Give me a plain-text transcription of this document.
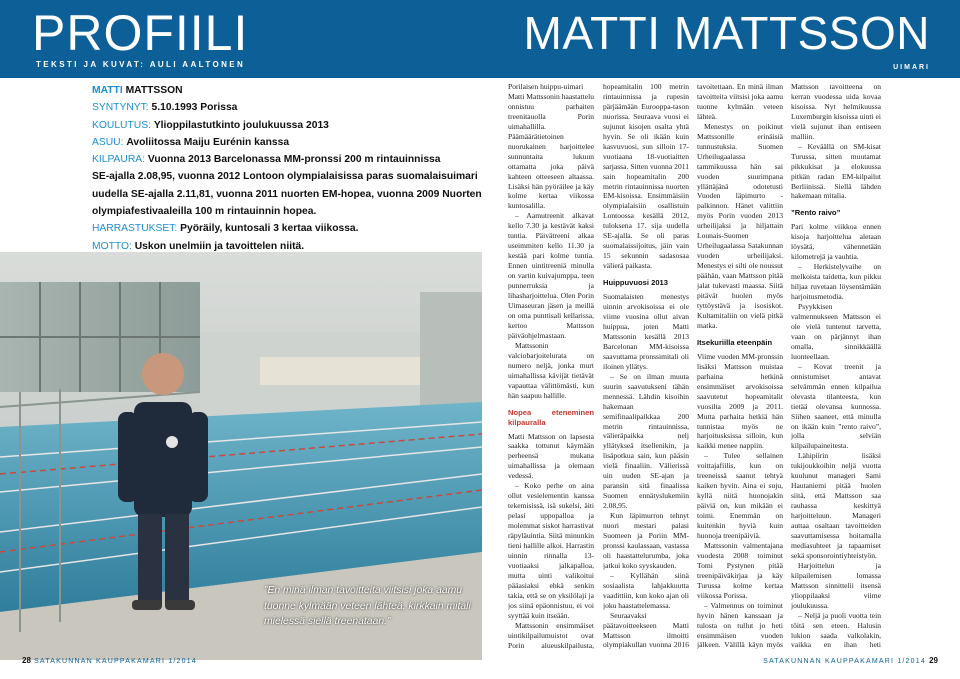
PROFIILI
TEKSTI JA KUVAT: AULI AALTONEN
MATTI MATTSSON
UIMARI

MATTI MATTSSON

SYNTYNYT: 5.10.1993 Porissa

KOULUTUS: Ylioppilastutkinto joulukuussa 2013

ASUU: Avoliitossa Maiju Eurénin kanssa

KILPAURA: Vuonna 2013 Barcelonassa MM-pronssi 200 m rintauinnissa

SE-ajalla 2.08,95, vuonna 2012 Lontoon olympialaisissa paras suomalaisuimari

uudella SE-ajalla 2.11,81, vuonna 2011 nuorten EM-hopea, vuonna 2009 Nuorten

olympiafestivaaleilla 100 m rintauinnin hopea.

HARRASTUKSET: Pyöräily, kuntosali 3 kertaa viikossa.

MOTTO: Uskon unelmiin ja tavoittelen niitä.

”En minä ilman tavoitteita viitsisi joka aamu tuonne kylmään veteen lähteä, kirkkain mitali mielessä siellä treenataan.”

Porilaisen huippu-uimari

Matti Mattssonin haastattelu onnistuu parhaiten treenitauolla Porin uimahallilla. Päämäärätietoinen nuorukainen harjoittelee sunnuntaita lukuun ottamatta joka päivä kahteen otteeseen altaassa. Lisäksi hän pyöräilee ja käy kolme kertaa viikossa kuntosalilla.

– Aamutreenit alkavat kello 7.30 ja kestävät kaksi tuntia. Päivätreeni alkaa useimmiten kello 11.30 ja kestää pari kolme tuntia. Ennen uintitreeniä minulla on vartin kuivajumppa, teen punnerruksia ja lihasharjoittelua. Olen Porin Uimaseuran jäsen ja meillä on oma punttisali kellarissa, kertoo Mattsson päiväohjelmastaan.

Mattssonin valciobarjoitelurata on numero neljä, jonka murt uimahallissa kävijät tietävät vapauttaa välittömästi, kun hän saapuu hallille.

Nopea eteneminen kilpauralla

Matti Mattsson on lapsesta saakka tottunut käymään perheensä mukana uimahallissa ja olemaan vedessä.

– Koko perhe on aina ollut vesielementin kanssa tekemisissä, isä sukelsi, äiti pelasi uppopalloa ja molemmat siskot harrastivat räpyläuintia. Siitä minunkin tieni hallille alkoi. Harrastin uinnin rinnalla 13-vuotiaaksi jalkapalloa, mutta uinti valikoitui pääasiaksi ehkä senkin takia, että se on yksilölaji ja jos siinä epäonnistuu, ei voi syyttää kuin itseään.

Mattssonin ensimmäiset uintikilpailumuistot ovat Porin alueuskilpailusta,

hopeamitalin 100 metrin rintauinnissa ja rupesin pärjäämään Eurooppa-tason nuorissa. Seuraava vuosi ei sujunut kisojen osalta yhtä hyvin. Se oli ikään kuin kasvuvuosi, sun silloin 17-vuotiaana 18-vuotiaitten sarjassa. Sitten vuonna 2011 sain hopeamitalin 200 metrin rintauinnissa nuorten EM-kisoissa. Ensimmäisiin olympialaisiin osallistuin Lontoossa kesällä 2012, tuloksena 17. sija uudella SE-ajalla. Se oli paras suomalaissijoitus, jäin vain 15 sekunnin sadasosaa välierä paikasta.

Huippuvuosi 2013

Suomalaisten menestys uinnin arvokisoissa ei ole viime vuosina ollut aivan huippua, joten Matti Mattssonin kesällä 2013 Barcelonan MM-kisoissa saavuttama pronssimitali oli iloinen yllätys.

– Se on ilman muuta suurin saavutukseni tähän mennessä. Lähdin kisoihin hakemaan semifinaalipaikkaa 200 metrin rintauinnissa, välieräpaikka nelj yllätykseä itsellenikin, ja lisäpotkua sain, kun pääsin vielä finaaliin. Välierissä uin uuden SE-ajan ja paransin sitä finaalissa Suomen ennätyslukemiin 2.08,95.

Kun läpimurron tehnyt nuori mestari palasi Suomeen ja Poriin MM-pronssi kaulassaan, vastassa oli haastattelurumba, joka jatkui koko syyskauden.

– Kyllähän siinä sosiaalista lahjakkuutta vaadittiin, kun koko ajan oli joku haastattelemassa.

Seuraavaksi päätavoitteekseen Matti Mattsson ilmoitti olympiakullan vuonna 2016

tavoitettaan. En minä ilman tavoitteita viitsisi joka aamu tuonne kylmään veteen lähteä.

Menestys on poikinut Mattssonille erinäisiä tunnustuksia. Suomen Urheilugaalassa tammikuussa hän sai vuoden suurimpana yllättäjänä odotetusti Vuoden läpimurto -palkinnon. Hänet valittiin myös Porin vuoden 2013 urheilijaksi ja hiljattain Lounais-Suomen Urheilugaalassa Satakunnan vuoden urheilijaksi. Menestys ei silti ole noussut päähän, vaan Mattsson pitää jalat tukevasti maassa. Siitä pitävät huolen myös tyttöystävä ja isosiskot. Kultamitaliin on vielä pitkä matka.

Itsekuriilla eteenpäin

Viime vuoden MM-pronssin lisäksi Mattsson muistaa parhaina hetkinä ensimmäiset arvokisoissa saavutetut hopeamitalit vuosilta 2009 ja 2011. Mutta parhaita hetkiä hän tunnistaa myös ne harjoitusksissa silloin, kun kaikki menee nappiin.

– Tulee sellainen voittajafiilis, kun on treeneissä saanut tehtyä kaiken hyvin. Aina ei suju, kyllä niitä huonojakin päiviä on, kun mikään ei toimi. Enemmän on kuitenkin hyviä kuin huonoja treenipäiviä.

Mattssonin valmentajana vuodesta 2008 toiminut Tomi Pystynen pitää treenipäiväkirjaa ja käy Turussa kolme kertaa viikossa Porissa.

– Valmennus on toiminut hyvin hänen kanssaan ja tulosta on tullut jo heti ensimmäisen vuoden jälkeen. Välillä käyn myös

Mattsson tavoitteena on kerran vuodessa uida kovaa kisoissa. Nyt helmikuussa Luxemburgin kisoissa uinti ei vielä sujunut ihan entiseen malliin.

– Keväällä on SM-kisat Turussa, sitten muutamat pikkukisat ja elokuussa pitkän radan EM-kilpailut Berliinissä. Siellä lähden hakemaan mitalia.

”Rento raivo”

Pari kolme viikkoa ennen kisoja harjoittelua aletaan löysätä, vähennetään kilometrejä ja vauhtia.

– Herkistelyvaihe on melkoista taidetta, kun pikku hiljaa ruvetaan löysentämään harjoitusmetodia.

Psyykkisen valmennukseen Mattsson ei ole vielä tuntenut tarvetta, vaan on pärjännyt ihan omalla, sinnikkäällä luonteellaan.

– Kovat treenit ja onnistumiset antavat selvämmän ennen kilpailua olevasta tilanteesta, kun tietää olevansa kunnossa. Siihen saaneet, että minulla on ikään kuin ”rento raivo”, jolla selviän kilpailupaineitesta.

Lähipiirin lisäksi tukijoukkoihin neljä vuotta kuulunut manageri Sami Hautaniemi pitää huolen siitä, että Mattsson saa rauhassa keskittyä harjoitteluun. Manageri auttaa osaltaan tavoitteiden saavuttamisessa hoitamalla mediasuhteet ja tapaamiset sekä sponsorointiyhteistyön.

Harjoittelun ja kilpailemisen lomassa Mattsson sinnittelii itsensä ylioppilaaksi viime joulukuussa.

– Neljä ja puoli vuotta tein töitä sen eteen. Halusin lukion saada valkolakin, vaikka en ihan heti

28 SATAKUNNAN KAUPPAKAMARI 1/2014	SATAKUNNAN KAUPPAKAMARI 1/2014 29
